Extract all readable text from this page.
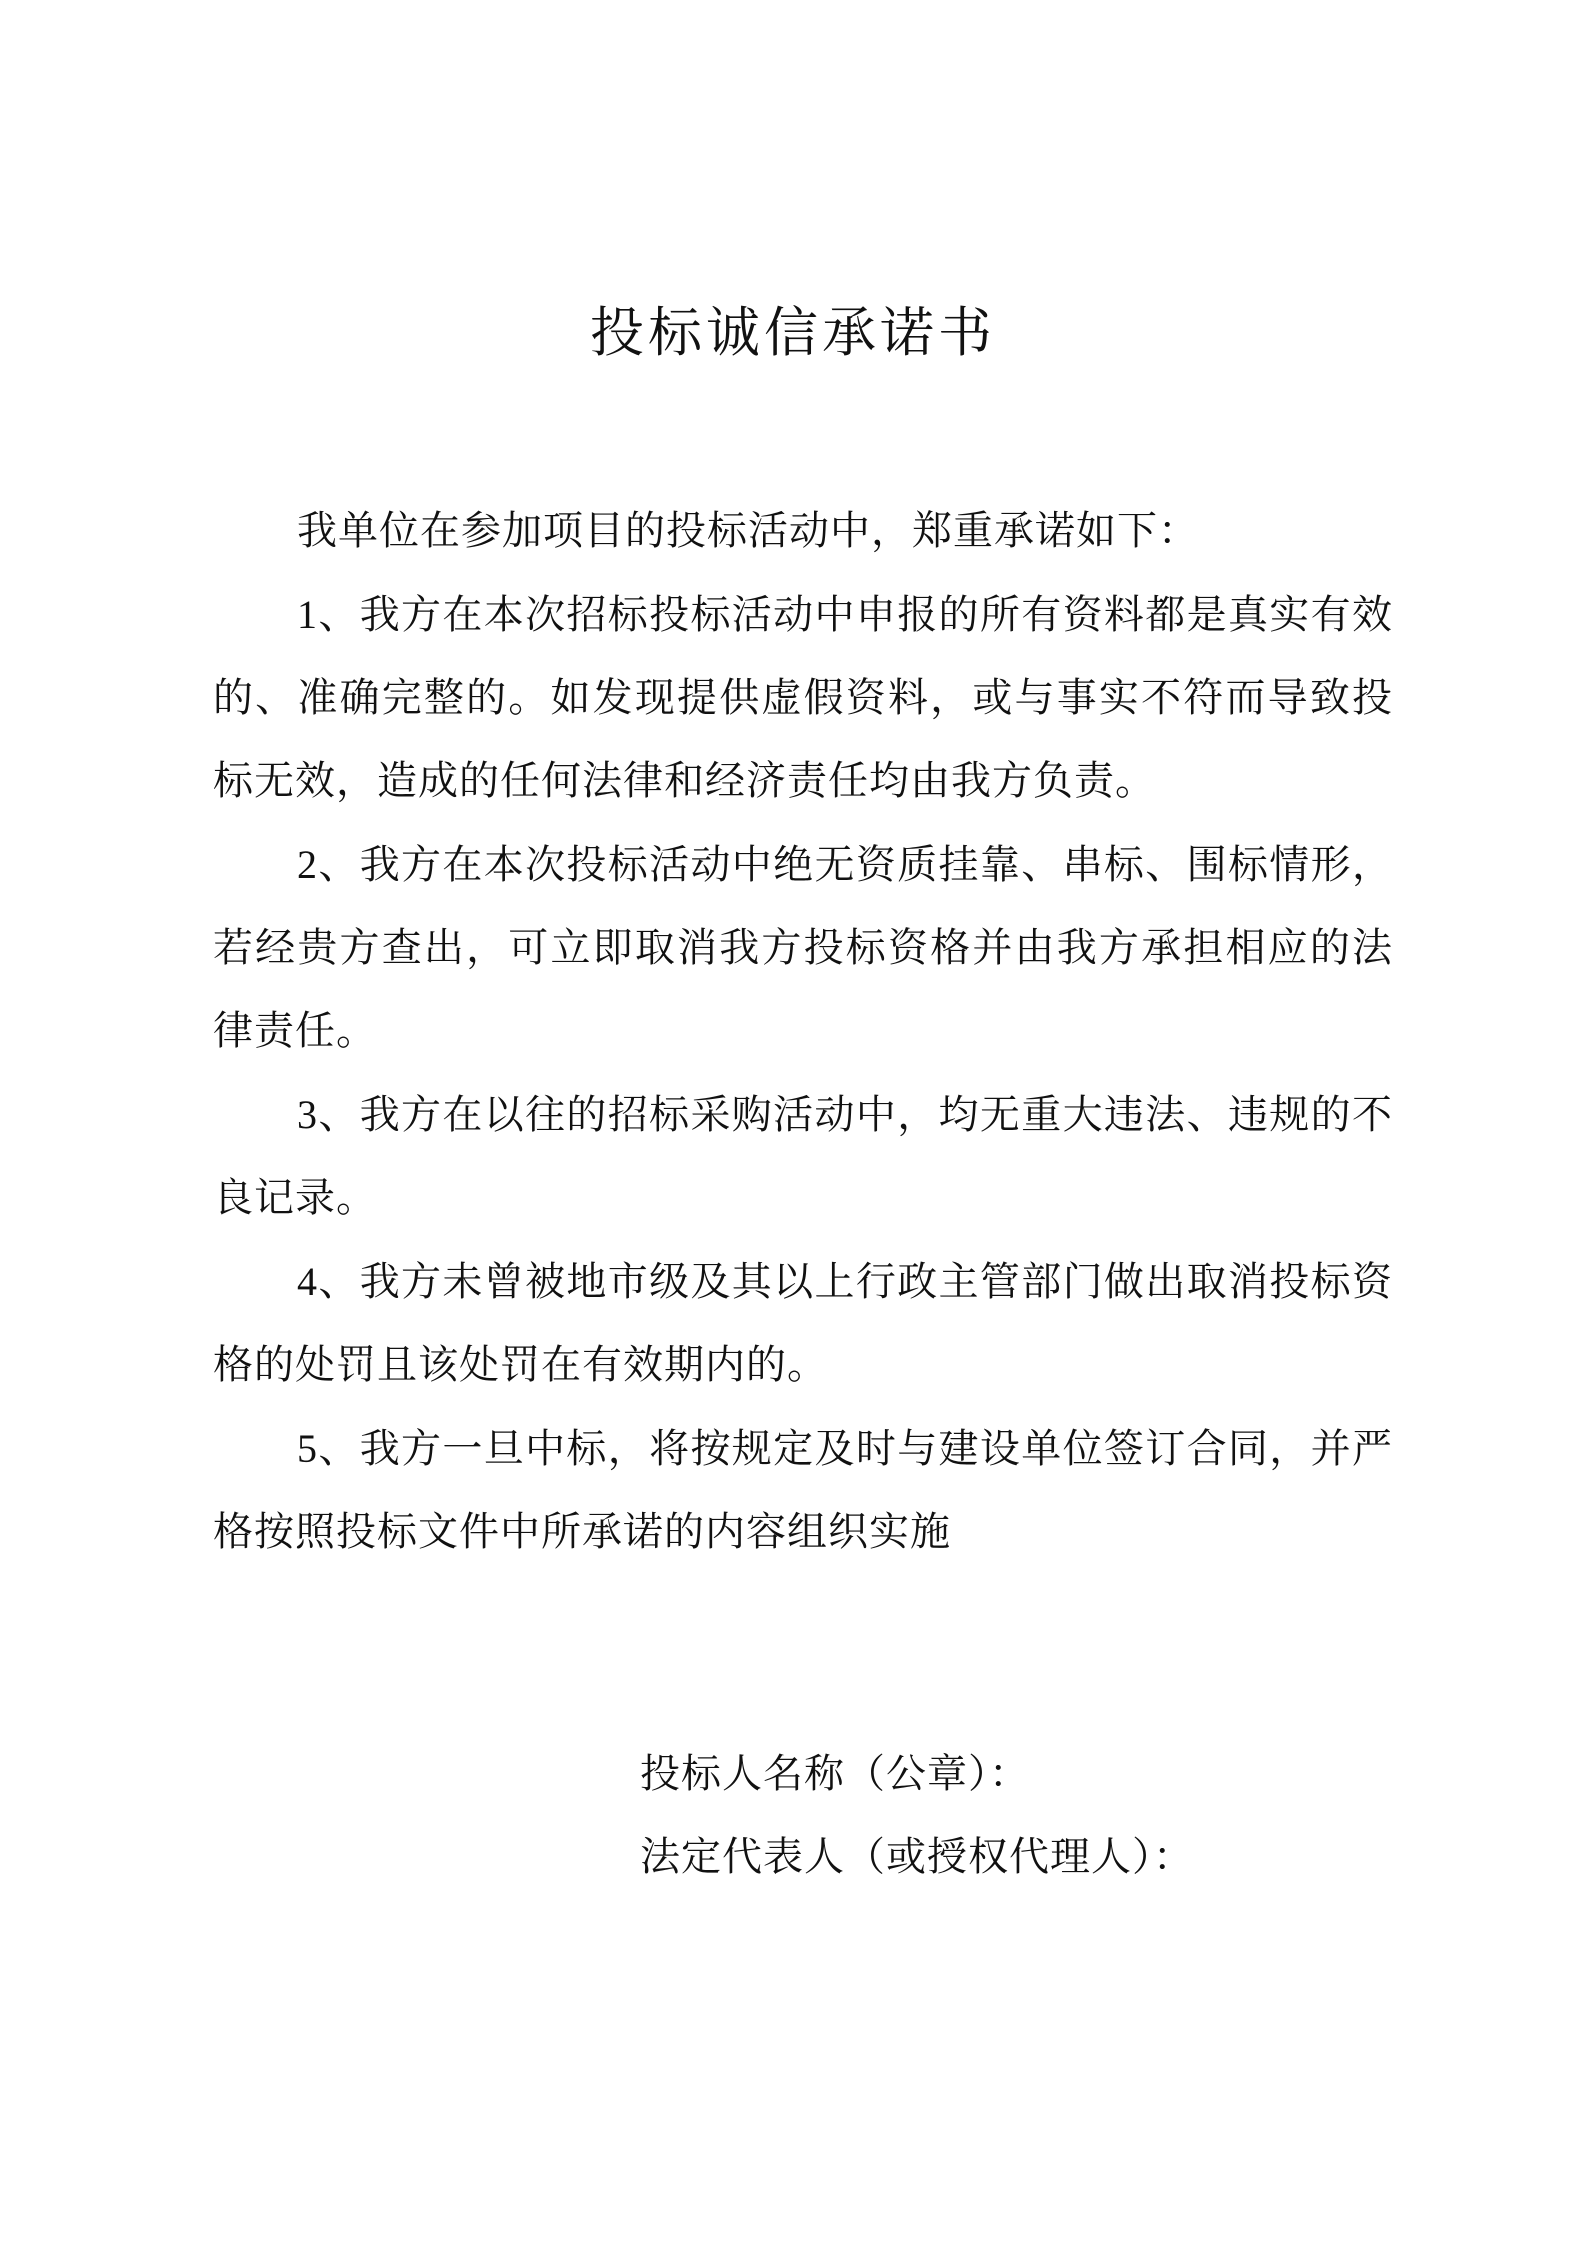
投标诚信承诺书

我单位在参加项目的投标活动中，郑重承诺如下：

1、我方在本次招标投标活动中申报的所有资料都是真实有效的、准确完整的。如发现提供虚假资料，或与事实不符而导致投标无效，造成的任何法律和经济责任均由我方负责。

2、我方在本次投标活动中绝无资质挂靠、串标、围标情形，若经贵方查出，可立即取消我方投标资格并由我方承担相应的法律责任。

3、我方在以往的招标采购活动中，均无重大违法、违规的不良记录。

4、我方未曾被地市级及其以上行政主管部门做出取消投标资格的处罚且该处罚在有效期内的。

5、我方一旦中标，将按规定及时与建设单位签订合同，并严格按照投标文件中所承诺的内容组织实施

投标人名称（公章）：
法定代表人（或授权代理人）：
